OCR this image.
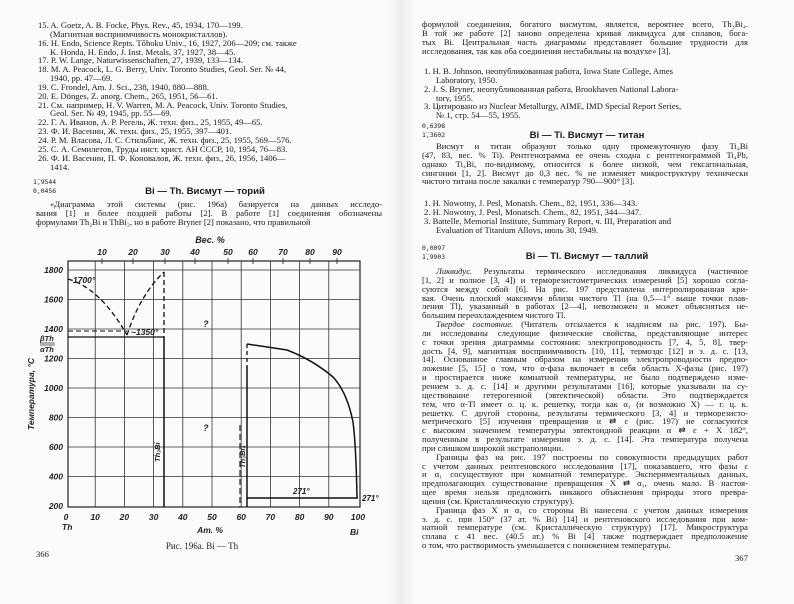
15. A. Goetz, A. B. Focke, Phys. Rev., 45, 1934, 170—199.
(Магнитная восприимчивость монокристаллов).
16. H. Endo, Science Repts. Tôhoku Univ., 16, 1927, 206—209; см. также
K. Honda, H. Endo, J. Inst. Metals, 37, 1927, 38—45.
17. P. W. Lange, Naturwissenschaften, 27, 1939, 133—134.
18. M. A. Peacock, L. G. Berry, Univ. Toronto Studies, Geol. Ser. № 44,
1940, pp. 47—69.
19. C. Frondel, Am. J. Sci., 238, 1940, 880—888.
20. E. Dönges, Z. anorg. Chem., 265, 1951, 56—61.
21. См. например, H. V. Warren, M. A. Peacock, Univ. Toronto Studies,
Geol. Ser. № 49, 1945, pp. 55—69.
22. Г. А. Иванов, А. Р. Регель, Ж. техн. физ., 25, 1955, 49—65.
23. Ф. И. Васенин, Ж. техн. физ., 25, 1955, 397—401.
24. Р. М. Власова, Л. С. Стильбанс, Ж. техн. физ., 25, 1955, 569—576.
25. С. А. Семилетов, Труды инст. крист. АН СССР, 10, 1954, 76—83.
26. Ф. И. Васенин, П. Ф. Коновалов, Ж. техн. физ., 26, 1956, 1406—
1414.
1̅,9544
0,0456	Bi — Th. Висмут — торий
«Диаграмма этой системы (рис. 196а) базируется на данных исследо-
вания [1] и более поздней работы [2]. В работе [1] соединения обозначены
формулами Th₂Bi и ThBi₂, но в работе Bryner [2] показано, что правильной
Вес. %
10	20	30 40	50 60 70 80 90
1800
1600
1400
1200
1000
800
600
400
200
0	10 20 30 40 50 60 70 80 90 100
1700°
~1350°
?
?
271°
271°
Th₃Bi	Th₃Bi₄
βTh
αTh
Температура, °С
Th	Ат. %	Bi
Рис. 196а. Bi — Th
366
формулой соединения, богатого висмутом, является, вероятнее всего, Th₃Bi₄.
В той же работе [2] заново определена кривая ликвидуса для сплавов, бога-
тых Bi. Центральная часть диаграммы представляет большие трудности для
исследования, так как оба соединения нестабильны на воздухе» [3].
1. H. B. Johnson, неопубликованная работа, Iowa State College, Ames
Laboratory, 1950.
2. J. S. Bryner, неопубликованная работа, Brookhaven National Labora-
tory, 1955.
3. Цитировано из Nuclear Metallurgy, AIME, IMD Special Report Series,
№ 1, стр. 54—55, 1955.
0,6398
1̅,3602	Bi — Ti. Висмут — титан
Висмут и титан образуют только одну промежуточную фазу Ti₄Bi
(47, 83, вес. % Ti). Рентгенограмма ее очень сходна с рентгенограммой Ti₄Pb,
однако Ti₄Bi, по-видимому, относится к более низкой, чем гексагональная,
сингонии [1, 2]. Висмут до 0,3 вес. % не изменяет микроструктуру технически
чистого титана после закалки с температур 790—900° [3].
1. H. Nowotny, J. Pesl, Monatsh. Chem., 82, 1951, 336—343.
2. H. Nowotny, J. Pesl, Monatsch. Chem., 82, 1951, 344—347.
3. Battelle, Memorial Institute, Summary Report, ч. III, Preparation and
Evaluation of Titanium Alloys, июль 30, 1949.
0,0097
1̅,9903	Bi — Tl. Висмут — таллий
Ликвидус. Результаты термического исследования ликвидуса (частичное
[1, 2] и полное [3, 4]) и терморезистометрических измерений [5] хорошо согла-
суются между собой [6]. На рис. 197 представлена интерполированная кри-
вая. Очень плоский максимум вблизи чистого Tl (на 0,5—1° выше точки плав-
ления Tl), указанный в работах [2—4], невозможен и может объясняться не-
большим переохлаждением чистого Tl.
Твердое состояние. (Читатель отсылается к надписям на рис. 197). Бы-
ли исследованы следующие физические свойства, представляющие интерес
с точки зрения диаграммы состояния: электропроводность [7, 4, 5, 8], твер-
дость [4, 9], магнитная восприимчивость [10, 11], термоэдс [12] и э. д. с. [13,
14]. Основанное главным образом на измерении электропроводности предпо-
ложение [5, 15] о том, что α-фаза включает в себя область X-фазы (рис. 197)
и простирается ниже комнатной температуры, не было подтверждено изме-
рением э. д. с. [14] и другими результатами [16], которые указывали на су-
ществование гетерогенной (эвтектической) области. Это подтверждается
тем, что α-Tl имеет о. ц. к. решетку, тогда как α₁ (и возможно X) — г. ц. к.
решетку. С другой стороны, результаты термического [3, 4] и терморезисто-
метрического [5] изучения превращения α ⇄ ε (рис. 197) не согласуются
с высоким значением температуры эвтектоидной реакции α ⇄ ε + X 182°,
полученным в результате измерения э. д. с. [14]. Эта температура получена
при слишком широкой экстраполяции.
Границы фаз на рис. 197 построены по совокупности предыдущих работ
с учетом данных рентгеновского исследования [17], показавшего, что фазы ε
и α₁ сосуществуют при комнатной температуре. Экспериментальных данных,
предполагающих существование превращения X ⇄ α₁, очень мало. В настоя-
щее время нельзя предложить никакого объяснения природы этого превра-
щения (см. Кристаллическую структуру).
Граница фаз X и α₁ со стороны Bi нанесена с учетом данных измерения
э. д. с. при 150° (37 ат. % Bi) [14] и рентгеновского исследования при ком-
натной температуре (см. Кристаллическую структуру) [17]. Микроструктура
сплава с 41 вес. (40.5 ат.) % Bi [4] также подтверждает предположение
о том, что растворимость уменьшается с понижением температуры.
367
